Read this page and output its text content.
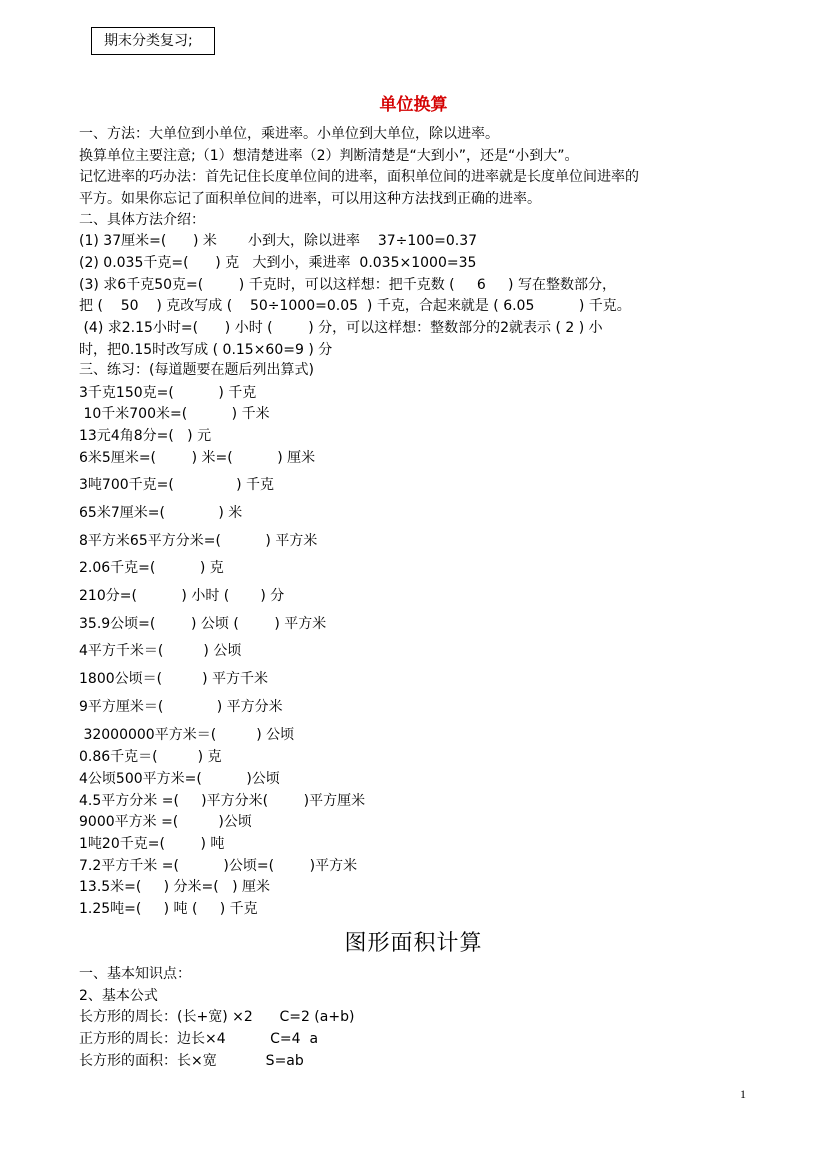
期末分类复习;
单位换算
一、方法：大单位到小单位，乘进率。小单位到大单位，除以进率。
换算单位主要注意;（1）想清楚进率（2）判断清楚是“大到小”，还是“小到大”。
记忆进率的巧办法：首先记住长度单位间的进率，面积单位间的进率就是长度单位间进率的
平方。如果你忘记了面积单位间的进率，可以用这种方法找到正确的进率。
二、具体方法介绍：
(1) 37厘米=(      ) 米       小到大，除以进率    37÷100=0.37
(2) 0.035千克=(      ) 克   大到小，乘进率  0.035×1000=35
(3) 求6千克50克=(        ) 千克时，可以这样想：把千克数 (     6     ) 写在整数部分，
把 (    50    ) 克改写成 (    50÷1000=0.05  ) 千克，合起来就是 ( 6.05          ) 千克。
(4) 求2.15小时=(      ) 小时 (        ) 分，可以这样想：整数部分的2就表示 ( 2 ) 小
时，把0.15时改写成 ( 0.15×60=9 ) 分
三、练习：(每道题要在题后列出算式)
3千克150克=(          ) 千克
10千米700米=(          ) 千米
13元4角8分=(   ) 元
6米5厘米=(        ) 米=(          ) 厘米
3吨700千克=(              ) 千克
65米7厘米=(            ) 米
8平方米65平方分米=(          ) 平方米
2.06千克=(          ) 克
210分=(          ) 小时 (       ) 分
35.9公顷=(        ) 公顷 (        ) 平方米
4平方千米＝(         ) 公顷
1800公顷＝(         ) 平方千米
9平方厘米＝(            ) 平方分米
32000000平方米＝(         ) 公顷
0.86千克＝(         ) 克
4公顷500平方米=(          )公顷
4.5平方分米 =(     )平方分米(        )平方厘米
9000平方米 =(         )公顷
1吨20千克=(        ) 吨
7.2平方千米 =(          )公顷=(        )平方米
13.5米=(     ) 分米=(   ) 厘米
1.25吨=(     ) 吨 (     ) 千克
图形面积计算
一、基本知识点：
2、基本公式
长方形的周长：(长+宽) ×2      C=2 (a+b)
正方形的周长：边长×4          C=4  a
长方形的面积：长×宽           S=ab
1
